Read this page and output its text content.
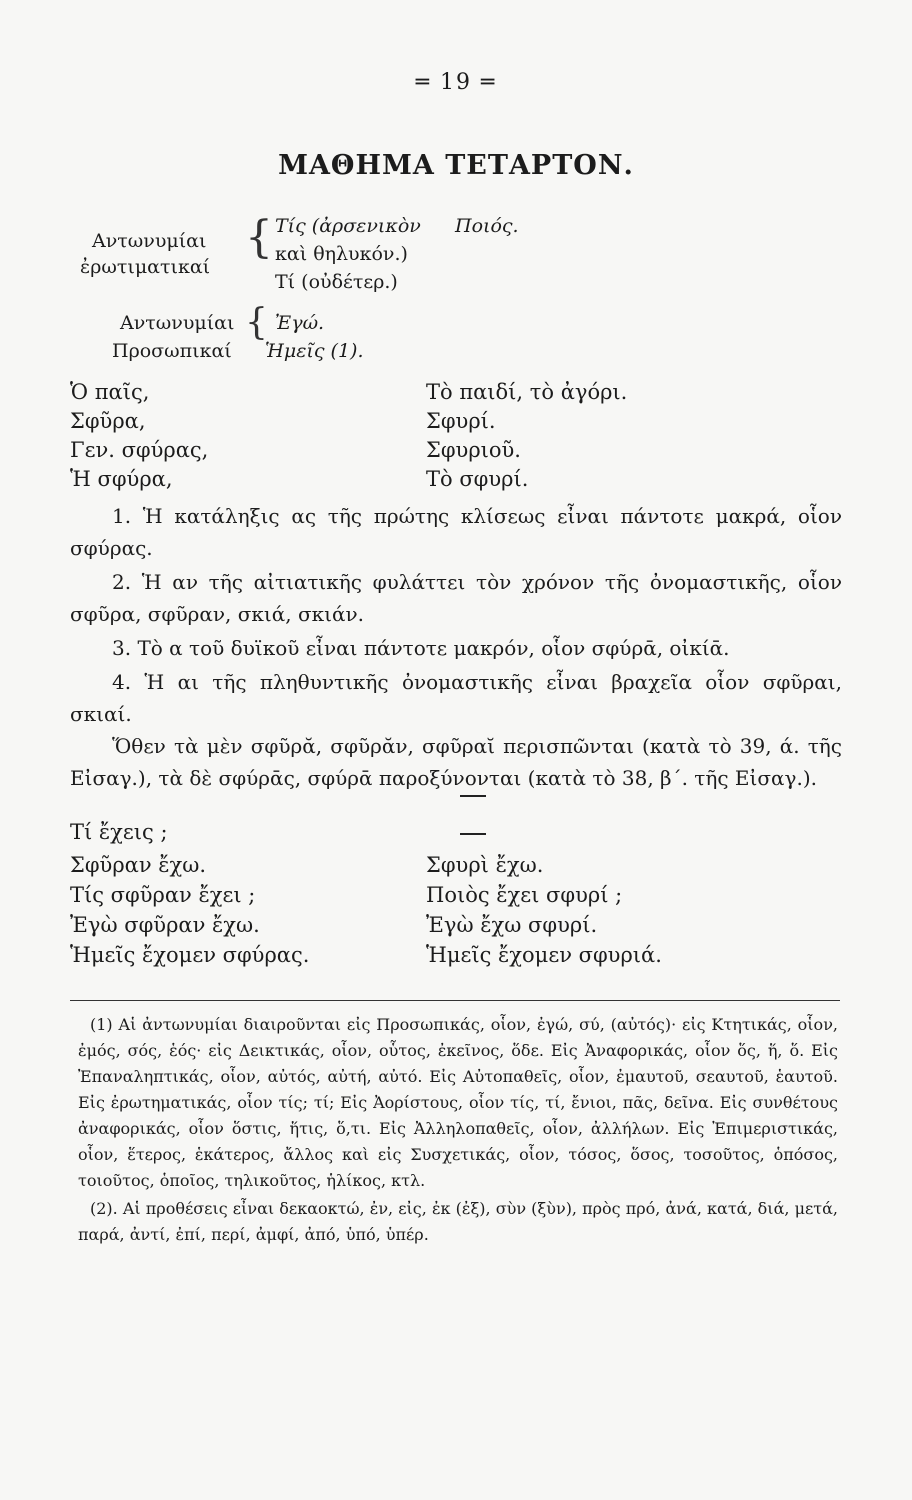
═ 19 ═
ΜΑΘΗΜΑ ΤΕΤΑΡΤΟΝ.
Αντωνυμίαι
ἐρωτιματικαί
{ Τίς (ἀρσενικὸν Ποιός.
καὶ θηλυκόν.)
Τί (οὐδέτερ.)
Αντωνυμίαι
Προσωπικαί
{ Ἐγώ.
Ἡμεῖς (1).
Ὁ παῖς,	Τὸ παιδί, τὸ ἀγόρι.
Σφῦρα,	Σφυρί.
Γεν. σφύρας,	Σφυριοῦ.
Ἡ σφύρα,	Τὸ σφυρί.
1. Ἡ κατάληξις ας τῆς πρώτης κλίσεως εἶναι πάντοτε μακρά, οἷον σφύρας.
2. Ἡ αν τῆς αἰτιατικῆς φυλάττει τὸν χρόνον τῆς ὀνομαστικῆς, οἷον σφῦρα, σφῦραν, σκιά, σκιάν.
3. Τὸ α τοῦ δυϊκοῦ εἶναι πάντοτε μακρόν, οἷον σφύρᾱ, οἰκίᾱ.
4. Ἡ αι τῆς πληθυντικῆς ὀνομαστικῆς εἶναι βραχεῖα οἷον σφῦραι, σκιαί.
Ὅθεν τὰ μὲν σφῦρᾰ, σφῦρᾰν, σφῦραῐ περισπῶνται (κατὰ τὸ 39, ά. τῆς Εἰσαγ.), τὰ δὲ σφύρᾱς, σφύρᾱ παροξύνονται (κατὰ τὸ 38, β΄. τῆς Εἰσαγ.).
Τί ἔχεις ;
Σφῦραν ἔχω.	Σφυρὶ ἔχω.
Τίς σφῦραν ἔχει ;	Ποιὸς ἔχει σφυρί ;
Ἐγὼ σφῦραν ἔχω.	Ἐγὼ ἔχω σφυρί.
Ἡμεῖς ἔχομεν σφύρας.	Ἡμεῖς ἔχομεν σφυριά.

(1) Αἱ ἀντωνυμίαι διαιροῦνται εἰς Προσωπικάς, οἷον, ἐγώ, σύ, (αὐτός)· εἰς Κτητικάς, οἷον, ἐμός, σός, ἑός· εἰς Δεικτικάς, οἷον, οὗτος, ἐκεῖνος, ὅδε. Εἰς Ἀναφορικάς, οἷον ὅς, ἥ, ὅ. Εἰς Ἐπαναληπτικάς, οἷον, αὐτός, αὐτή, αὐτό. Εἰς Αὐτοπαθεῖς, οἷον, ἐμαυτοῦ, σεαυτοῦ, ἑαυτοῦ. Εἰς ἐρωτηματικάς, οἷον τίς; τί; Εἰς Ἀορίστους, οἷον τίς, τί, ἔνιοι, πᾶς, δεῖνα. Εἰς συνθέτους ἀναφορικάς, οἷον ὅστις, ἥτις, ὅ,τι. Εἰς Ἀλληλοπαθεῖς, οἷον, ἀλλήλων. Εἰς Ἐπιμεριστικάς, οἷον, ἕτερος, ἑκάτερος, ἄλλος καὶ εἰς Συσχετικάς, οἷον, τόσος, ὅσος, τοσοῦτος, ὁπόσος, τοιοῦτος, ὁποῖος, τηλικοῦτος, ἡλίκος, κτλ.

(2). Αἱ προθέσεις εἶναι δεκαοκτώ, ἐν, εἰς, ἐκ (ἐξ), σὺν (ξὺν), πρὸς πρό, ἀνά, κατά, διά, μετά, παρά, ἀντί, ἐπί, περί, ἀμφί, ἀπό, ὑπό, ὑπέρ.
